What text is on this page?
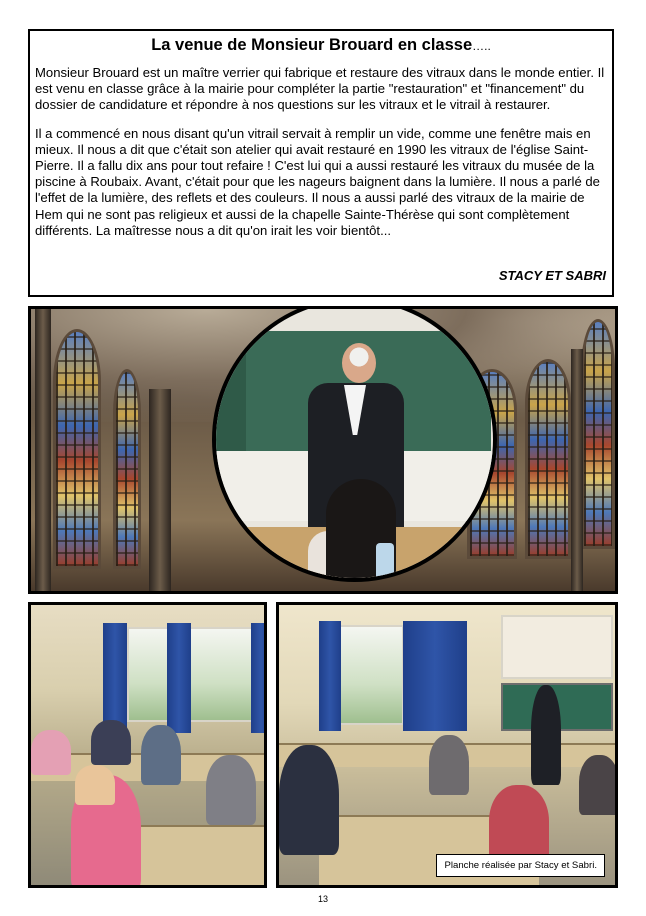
La venue de Monsieur Brouard en classe…..

Monsieur Brouard est un maître verrier qui fabrique et restaure des vitraux dans le monde entier. Il est venu en classe grâce à la mairie pour compléter la partie "restauration" et "financement" du dossier de candidature et répondre à nos questions sur les vitraux et le vitrail à restaurer.

Il a commencé en nous disant qu'un vitrail servait à remplir un vide, comme une fenêtre mais en mieux. Il nous a dit que c'était son atelier qui avait restauré en 1990 les vitraux de l'église Saint-Pierre. Il a fallu dix ans pour tout refaire ! C'est lui qui a aussi restauré les vitraux du musée de la piscine à Roubaix. Avant, c'était pour que les nageurs baignent dans la lumière. Il nous a parlé de l'effet de la lumière, des reflets et des couleurs. Il nous a aussi parlé des vitraux de la mairie de Hem qui ne sont pas religieux et aussi de la chapelle Sainte-Thérèse qui sont complètement différents. La maîtresse nous a dit qu'on irait les voir bientôt...

STACY ET SABRI
Planche réalisée par Stacy et Sabri.
13
